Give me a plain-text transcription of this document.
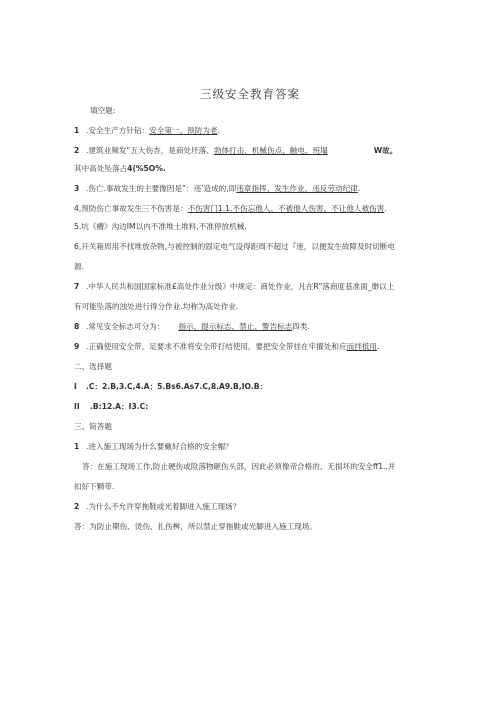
三级安全教育答案
填空题:
1 .安全生产方针钻：安全第一、预防为老.
2 .建筑业频发“五大伤杏，是商处坯落、勃体打击、机械伤点、触电、班塌	W故。
其中高处坠落占4(%5O%.
3 .伤亡.事故发生的主要像因是“：违’造成的,即违章指挥、发生作业、违反劳动纪律.
4,预防伤亡事故发生三不伤害是：不伤害门1.1.不伤忘他人、不被他人伤害、不让他人被伤害.
5.坑《槽》沟边IM以内不准堆土堆料,不准停放机械.
6,开关箱周用不找堆放杂物,与被控制的固定电气设得距周不超过『迷，以便发生故障及时切断电
源.
7 .中华人民共和国国家标准£高处作业分级》中规定：商处作业，凡在R"落商度基准面_缈以上
有可能坠落的浊处进行得分作业.均称为高处作业.
8 .常见安全标志可分为： 指示、提示标志、禁止、警告标志四类.
9 .正确使用安全带，足要求不准将安全带打结使用，要把安全带挂在牢擢处和应而拌抵用.
二、选择题
I .C：2.B,3.C,4.A：5.Bs6.As7.C,8.A9.B,IO.B：
II .B:12.A：I3.C:
三、简答题
1 .进入施工现场为什么要戴好合格的安全帽？
答：在施工现场工作,防止硬伤或险落物砸伤头部，因此必须像帝合格的、无损坏的安全ff1..并
扣好下颗带.
2 .为什么不允许穿拖鞋或光着脚进入施工现场？
答：为防止期伤、烫伤、扎伤桝，所以禁止穿拖鞋或光脚进入施工现场。
